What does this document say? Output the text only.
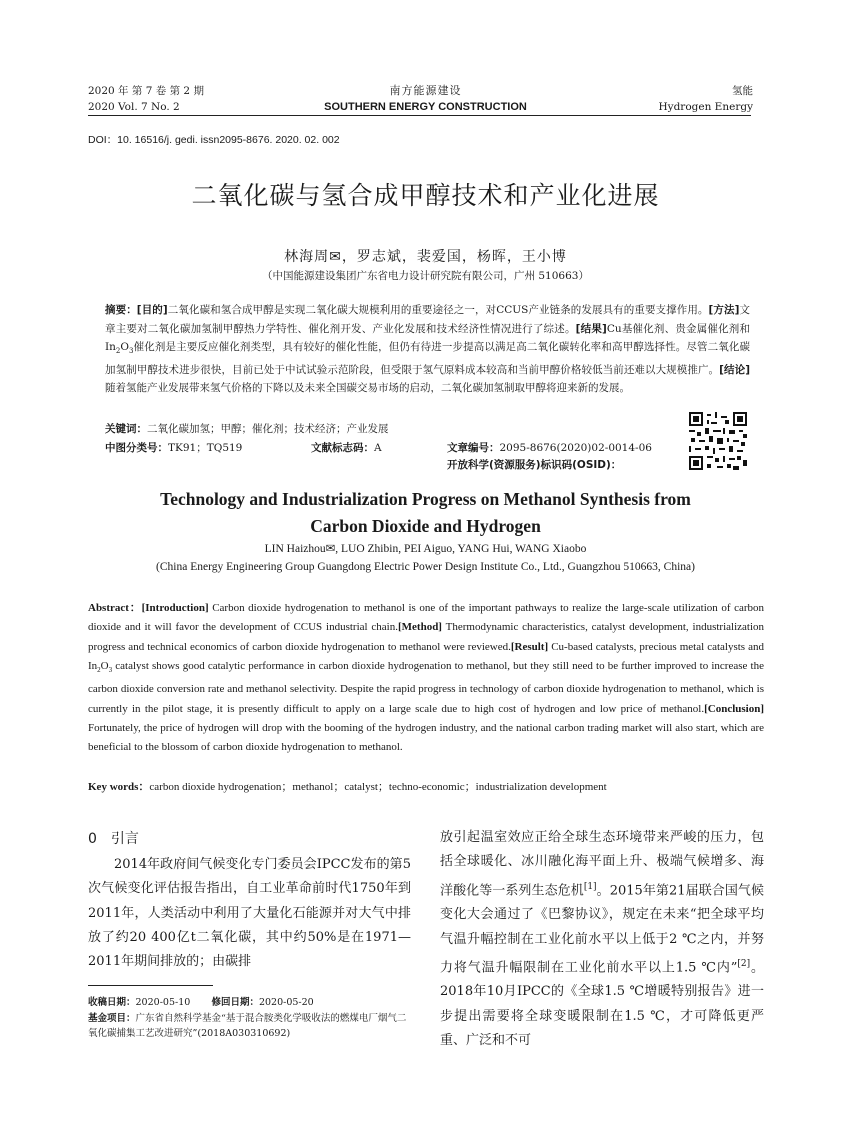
2020 年 第 7 卷 第 2 期
2020 Vol. 7 No. 2
南方能源建设
SOUTHERN ENERGY CONSTRUCTION
氢能
Hydrogen Energy
DOI：10. 16516/j. gedi. issn2095-8676. 2020. 02. 002
二氧化碳与氢合成甲醇技术和产业化进展
林海周✉，罗志斌，裴爱国，杨晖，王小博
（中国能源建设集团广东省电力设计研究院有限公司，广州 510663）
摘要：[目的]二氧化碳和氢合成甲醇是实现二氧化碳大规模利用的重要途径之一，对CCUS产业链条的发展具有的重要支撑作用。[方法]文章主要对二氧化碳加氢制甲醇热力学特性、催化剂开发、产业化发展和技术经济性情况进行了综述。[结果]Cu基催化剂、贵金属催化剂和$In_2O_3$催化剂是主要反应催化剂类型，具有较好的催化性能，但仍有待进一步提高以满足高二氧化碳转化率和高甲醇选择性。尽管二氧化碳加氢制甲醇技术进步很快，目前已处于中试试验示范阶段，但受限于氢气原料成本较高和当前甲醇价格较低当前还难以大规模推广。[结论]随着氢能产业发展带来氢气价格的下降以及未来全国碳交易市场的启动，二氧化碳加氢制取甲醇将迎来新的发展。
关键词：二氧化碳加氢；甲醇；催化剂；技术经济；产业发展
中图分类号：TK91；TQ519	文献标志码：A	文章编号：2095-8676(2020)02-0014-06
开放科学(资源服务)标识码(OSID)：
Technology and Industrialization Progress on Methanol Synthesis from
Carbon Dioxide and Hydrogen
LIN Haizhou✉, LUO Zhibin, PEI Aiguo, YANG Hui, WANG Xiaobo
(China Energy Engineering Group Guangdong Electric Power Design Institute Co., Ltd., Guangzhou 510663, China)
Abstract：[Introduction] Carbon dioxide hydrogenation to methanol is one of the important pathways to realize the large-scale utilization of carbon dioxide and it will favor the development of CCUS industrial chain.[Method] Thermodynamic characteristics, catalyst development, industrialization progress and technical economics of carbon dioxide hydrogenation to methanol were reviewed.[Result] Cu-based catalysts, precious metal catalysts and $In_2O_3$ catalyst shows good catalytic performance in carbon dioxide hydrogenation to methanol, but they still need to be further improved to increase the carbon dioxide conversion rate and methanol selectivity. Despite the rapid progress in technology of carbon dioxide hydrogenation to methanol, which is currently in the pilot stage, it is presently difficult to apply on a large scale due to high cost of hydrogen and low price of methanol.[Conclusion] Fortunately, the price of hydrogen will drop with the booming of the hydrogen industry, and the national carbon trading market will also start, which are beneficial to the blossom of carbon dioxide hydrogenation to methanol.
Key words：carbon dioxide hydrogenation；methanol；catalyst；techno-economic；industrialization development
0 引言
2014年政府间气候变化专门委员会IPCC发布的第5次气候变化评估报告指出，自工业革命前时代1750年到2011年，人类活动中利用了大量化石能源并对大气中排放了约20 400亿t二氧化碳，其中约50%是在1971—2011年期间排放的；由碳排
放引起温室效应正给全球生态环境带来严峻的压力，包括全球暖化、冰川融化海平面上升、极端气候增多、海洋酸化等一系列生态危机[1]。2015年第21届联合国气候变化大会通过了《巴黎协议》，规定在未来“把全球平均气温升幅控制在工业化前水平以上低于2 ℃之内，并努力将气温升幅限制在工业化前水平以上1.5 ℃内”[2]。2018年10月IPCC的《全球1.5 ℃增暖特别报告》进一步提出需要将全球变暖限制在1.5 ℃，才可降低更严重、广泛和不可
收稿日期：2020-05-10 修回日期：2020-05-20
基金项目：广东省自然科学基金“基于混合胺类化学吸收法的燃煤电厂烟气二氧化碳捕集工艺改进研究”(2018A030310692)
